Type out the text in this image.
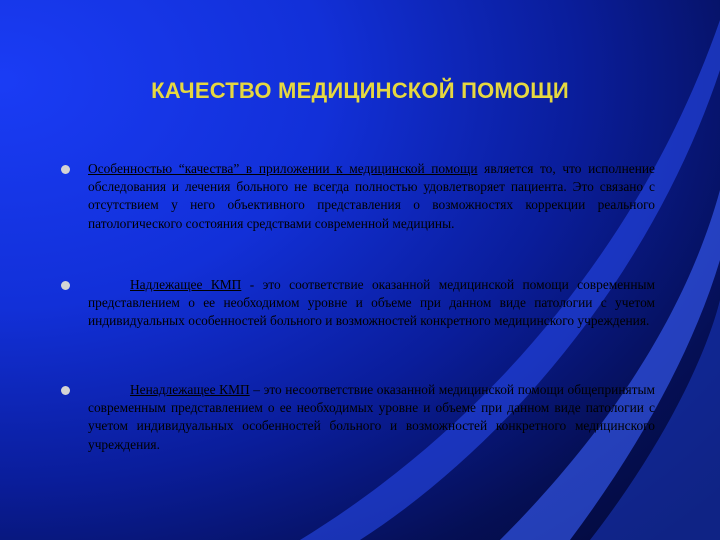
КАЧЕСТВО МЕДИЦИНСКОЙ ПОМОЩИ
Особенностью “качества” в приложении к медицинской помощи является то, что исполнение обследования и лечения больного не всегда полностью удовлетворяет пациента. Это связано с отсутствием у него объективного представления о возможностях коррекции реального патологического состояния средствами современной медицины.
Надлежащее КМП - это соответствие оказанной медицинской помощи современным представлением о ее необходимом уровне и объеме при данном виде патологии с учетом индивидуальных особенностей больного и возможностей конкретного медицинского учреждения.
Ненадлежащее КМП – это несоответствие оказанной медицинской помощи общепринятым современным представлением о ее необходимых уровне и объеме при данном виде патологии с учетом индивидуальных особенностей больного и возможностей конкретного медицинского учреждения.
